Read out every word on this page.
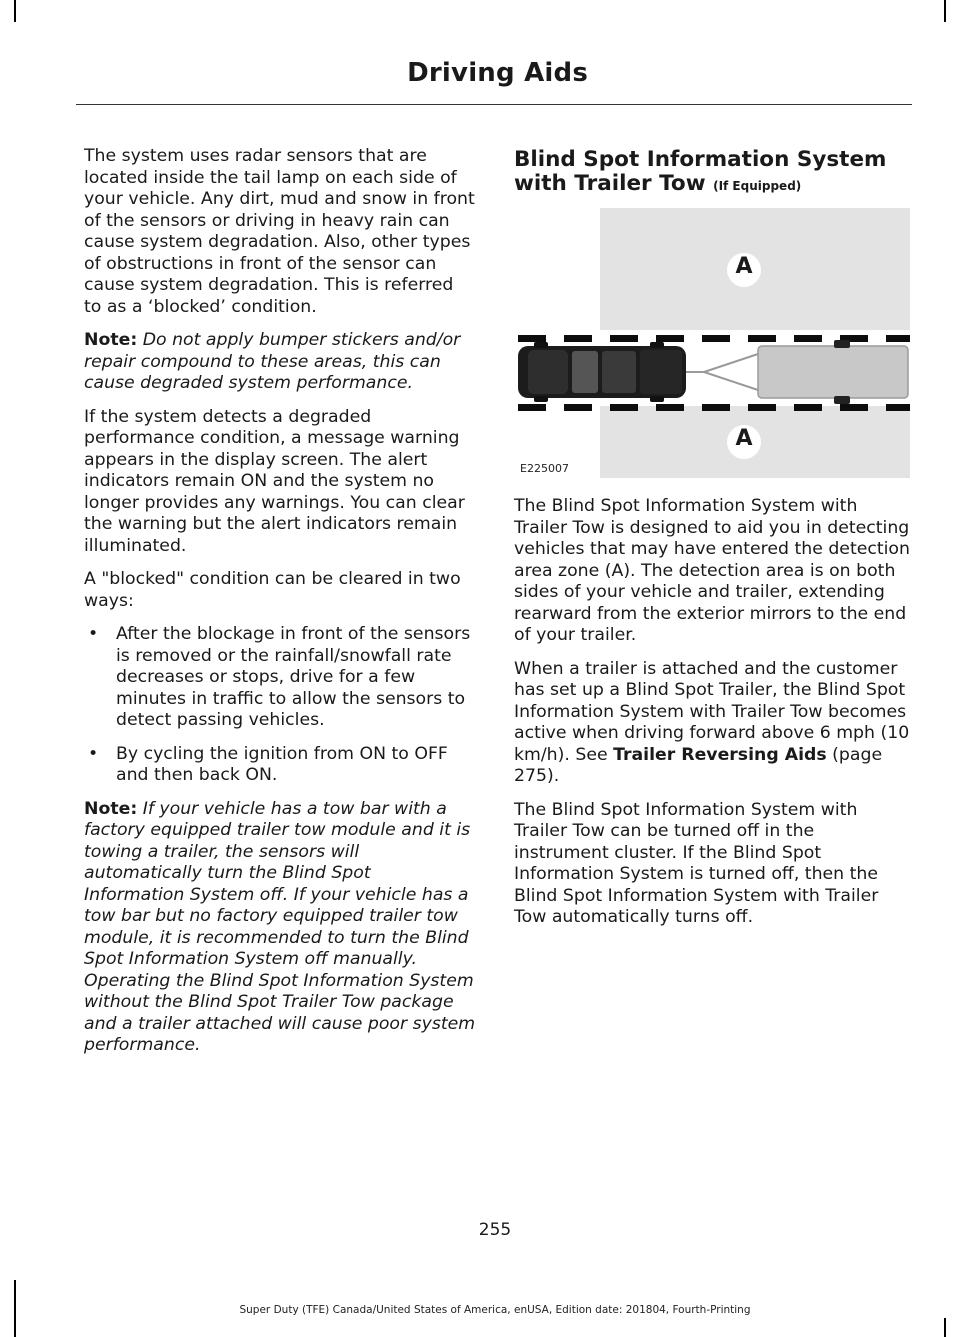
Driving Aids

The system uses radar sensors that are located inside the tail lamp on each side of your vehicle. Any dirt, mud and snow in front of the sensors or driving in heavy rain can cause system degradation. Also, other types of obstructions in front of the sensor can cause system degradation. This is referred to as a ‘blocked’ condition.

Note: Do not apply bumper stickers and/or repair compound to these areas, this can cause degraded system performance.

If the system detects a degraded performance condition, a message warning appears in the display screen. The alert indicators remain ON and the system no longer provides any warnings. You can clear the warning but the alert indicators remain illuminated.

A "blocked" condition can be cleared in two ways:

• After the blockage in front of the sensors is removed or the rainfall/snowfall rate decreases or stops, drive for a few minutes in traffic to allow the sensors to detect passing vehicles.
• By cycling the ignition from ON to OFF and then back ON.

Note: If your vehicle has a tow bar with a factory equipped trailer tow module and it is towing a trailer, the sensors will automatically turn the Blind Spot Information System off. If your vehicle has a tow bar but no factory equipped trailer tow module, it is recommended to turn the Blind Spot Information System off manually. Operating the Blind Spot Information System without the Blind Spot Trailer Tow package and a trailer attached will cause poor system performance.

Blind Spot Information System with Trailer Tow (If Equipped)
A
A
E225007

The Blind Spot Information System with Trailer Tow is designed to aid you in detecting vehicles that may have entered the detection area zone (A). The detection area is on both sides of your vehicle and trailer, extending rearward from the exterior mirrors to the end of your trailer.

When a trailer is attached and the customer has set up a Blind Spot Trailer, the Blind Spot Information System with Trailer Tow becomes active when driving forward above 6 mph (10 km/h). See Trailer Reversing Aids (page 275).

The Blind Spot Information System with Trailer Tow can be turned off in the instrument cluster. If the Blind Spot Information System is turned off, then the Blind Spot Information System with Trailer Tow automatically turns off.

255
Super Duty (TFE) Canada/United States of America, enUSA, Edition date: 201804, Fourth-Printing
